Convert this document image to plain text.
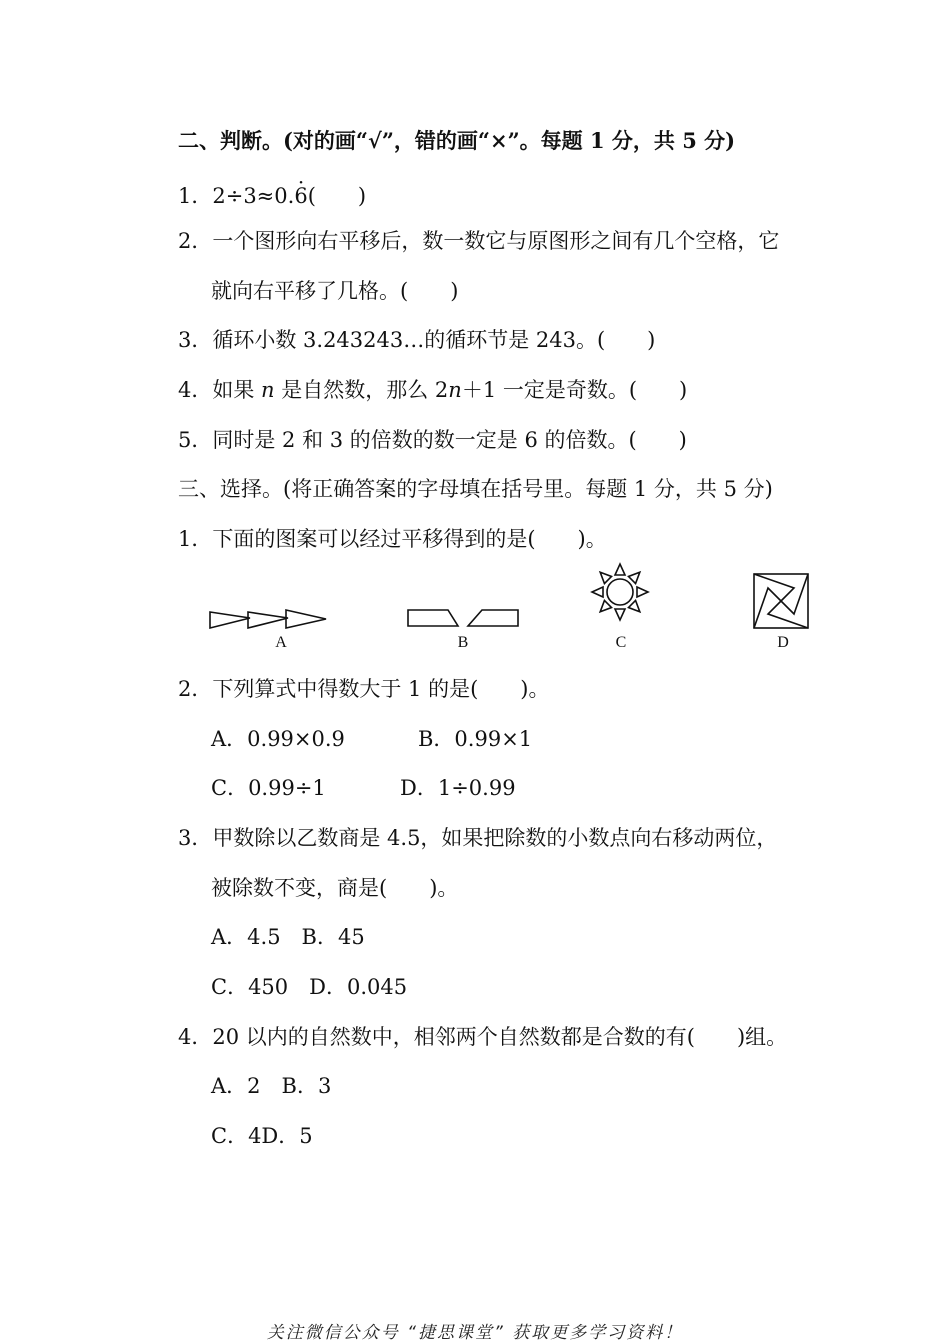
二、判断。(对的画“√”，错的画“×”。每题 1 分，共 5 分)
1．2÷3≈0.· 6(　　)
2．一个图形向右平移后，数一数它与原图形之间有几个空格，它
就向右平移了几格。(　　)
3．循环小数 3.243243…的循环节是 243。(　　)
4．如果 n 是自然数，那么 2n＋1 一定是奇数。(　　)
5．同时是 2 和 3 的倍数的数一定是 6 的倍数。(　　)
三、选择。(将正确答案的字母填在括号里。每题 1 分，共 5 分)
1．下面的图案可以经过平移得到的是(　　)。
A	B	C	D
2．下列算式中得数大于 1 的是(　　)。
A．0.99×0.9	B．0.99×1
C．0.99÷1	D．1÷0.99
3．甲数除以乙数商是 4.5，如果把除数的小数点向右移动两位，
被除数不变，商是(　　)。
A．4.5　B．45
C．450　D．0.045
4．20 以内的自然数中，相邻两个自然数都是合数的有(　　)组。
A．2　B．3
C．4D．5
关注微信公众号 “捷思课堂” 获取更多学习资料！
